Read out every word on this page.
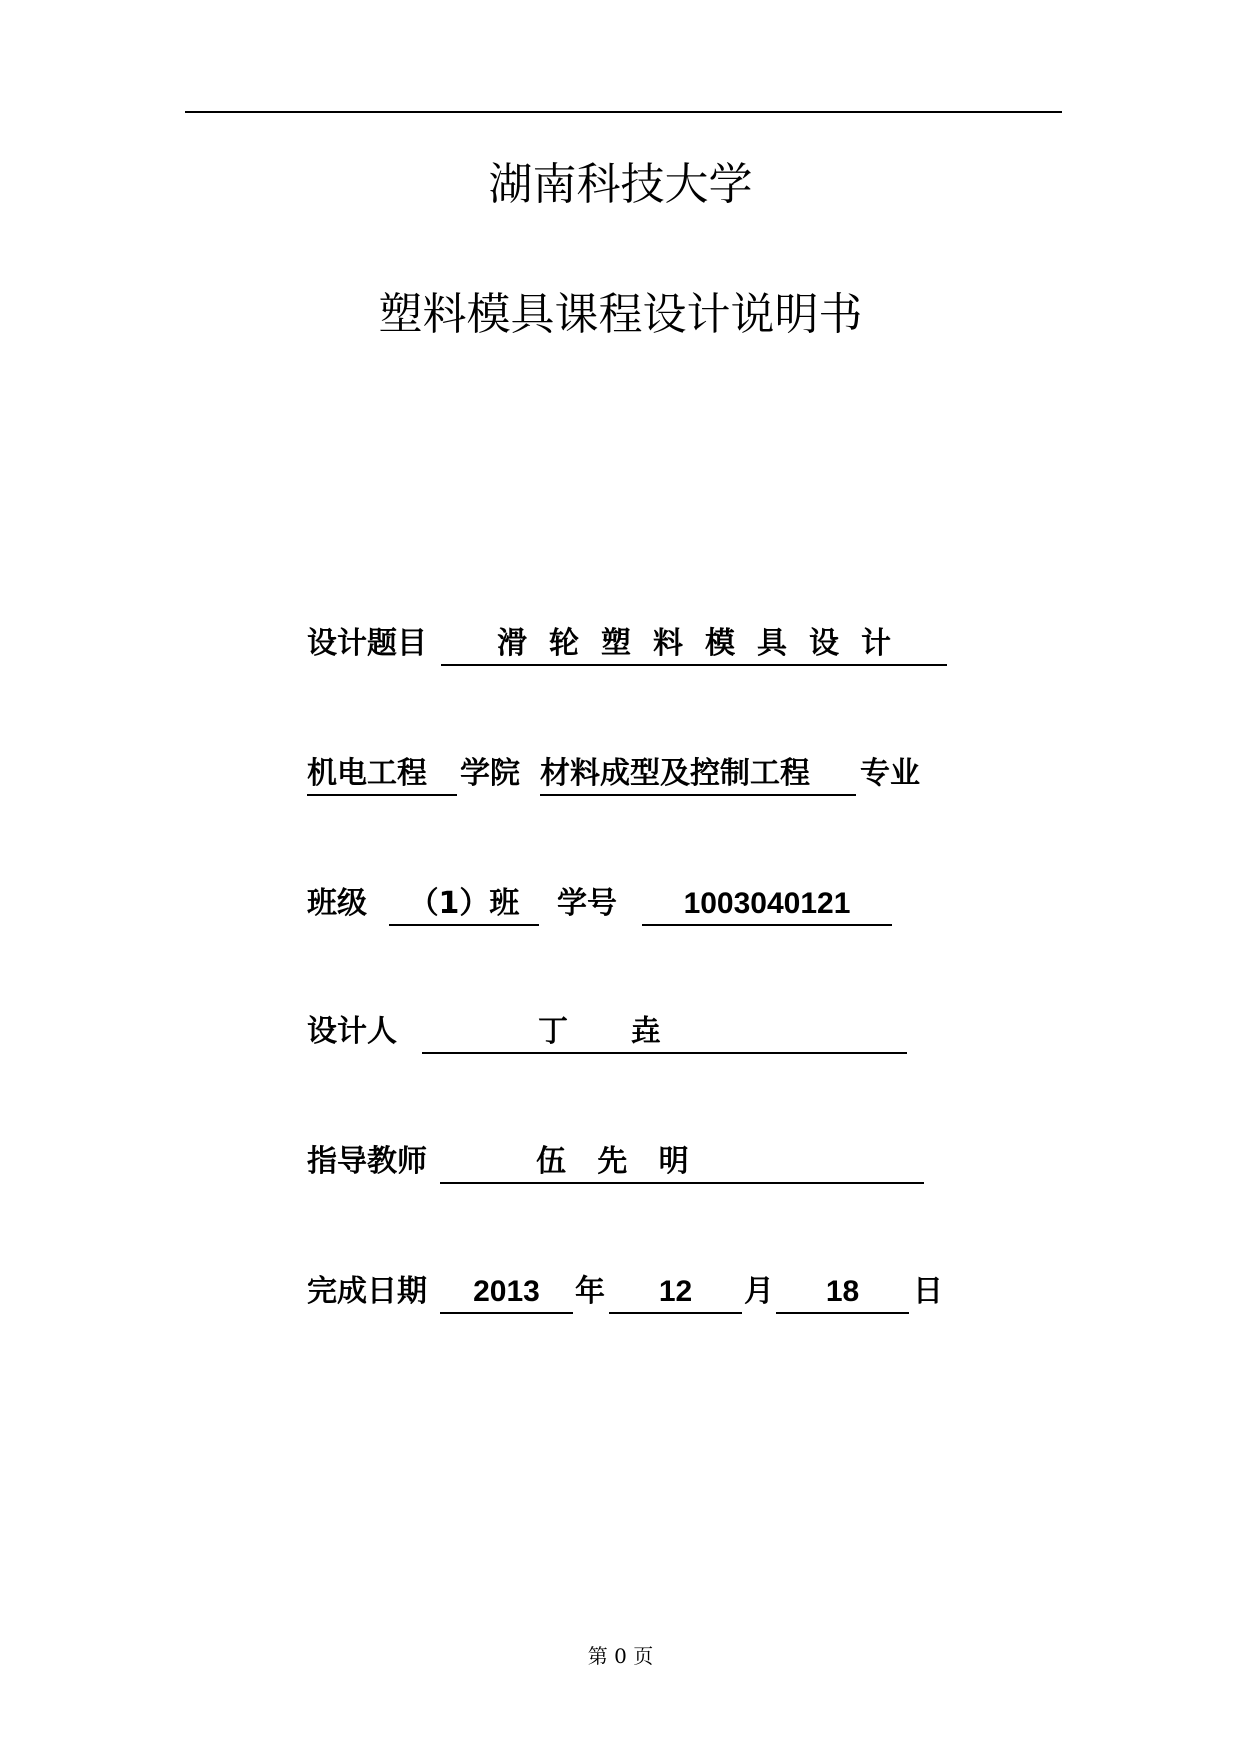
湖南科技大学
塑料模具课程设计说明书
设计题目	滑轮塑料模具设计
机电工程	学院 材料成型及控制工程	专业
班级	（1）班	学号	1003040121
设计人	丁      垚
指导教师	伍   先   明
完成日期	2013	年	12	月	18	日
第 0 页
